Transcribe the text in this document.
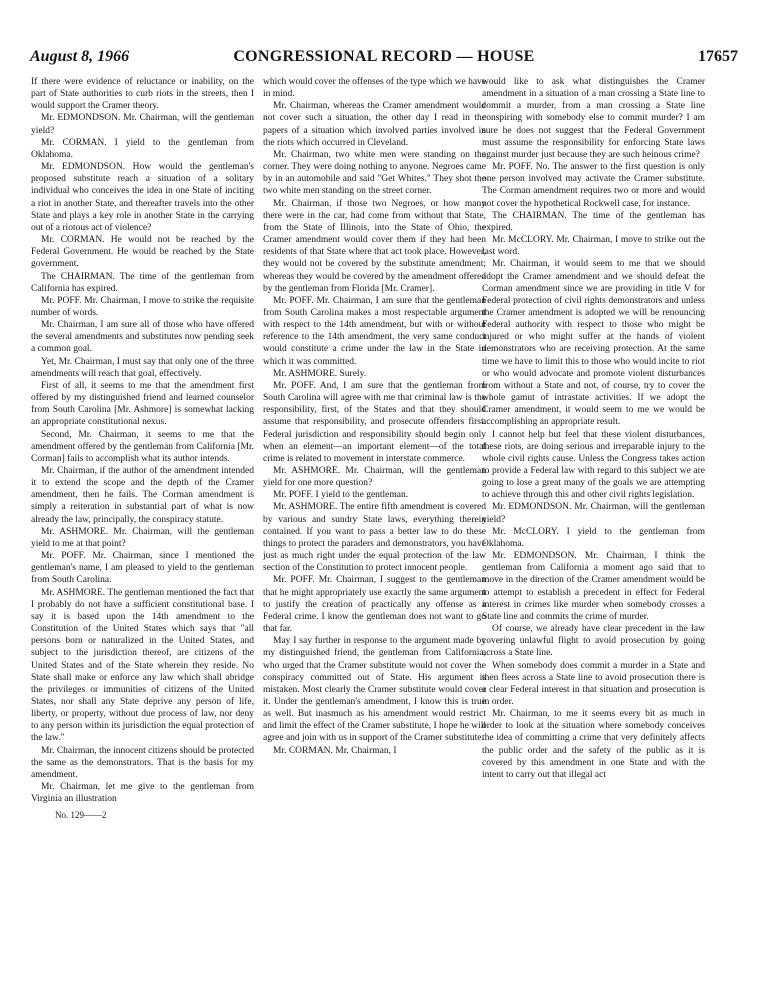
August 8, 1966	CONGRESSIONAL RECORD — HOUSE	17657

If there were evidence of reluctance or inability, on the part of State authorities to curb riots in the streets, then I would support the Cramer theory.

Mr. EDMONDSON. Mr. Chairman, will the gentleman yield?

Mr. CORMAN. I yield to the gentleman from Oklahoma.

Mr. EDMONDSON. How would the gentleman's proposed substitute reach a situation of a solitary individual who conceives the idea in one State of inciting a riot in another State, and thereafter travels into the other State and plays a key role in another State in the carrying out of a riotous act of violence?

Mr. CORMAN. He would not be reached by the Federal Government. He would be reached by the State government.

The CHAIRMAN. The time of the gentleman from California has expired.

Mr. POFF. Mr. Chairman, I move to strike the requisite number of words.

Mr. Chairman, I am sure all of those who have offered the several amendments and substitutes now pending seek a common goal.

Yet, Mr. Chairman, I must say that only one of the three amendments will reach that goal, effectively.

First of all, it seems to me that the amendment first offered by my distinguished friend and learned counselor from South Carolina [Mr. Ashmore] is somewhat lacking an appropriate constitutional nexus.

Second, Mr. Chairman, it seems to me that the amendment offered by the gentleman from California [Mr. Corman] fails to accomplish what its author intends.

Mr. Chairman, if the author of the amendment intended it to extend the scope and the depth of the Cramer amendment, then he fails. The Corman amendment is simply a reiteration in substantial part of what is now already the law, principally, the conspiracy statute.

Mr. ASHMORE. Mr. Chairman, will the gentleman yield to me at that point?

Mr. POFF. Mr. Chairman, since I mentioned the gentleman's name, I am pleased to yield to the gentleman from South Carolina.

Mr. ASHMORE. The gentleman mentioned the fact that I probably do not have a sufficient constitutional base. I say it is based upon the 14th amendment to the Constitution of the United States which says that "all persons born or naturalized in the United States, and subject to the jurisdiction thereof, are citizens of the United States and of the State wherein they reside. No State shall make or enforce any law which shall abridge the privileges or immunities of citizens of the United States, nor shall any State deprive any person of life, liberty, or property, without due process of law, nor deny to any person within its jurisdiction the equal protection of the law."

Mr. Chairman, the innocent citizens should be protected the same as the demonstrators. That is the basis for my amendment.

Mr. Chairman, let me give to the gentleman from Virginia an illustration

No. 129——2

which would cover the offenses of the type which we have in mind.

Mr. Chairman, whereas the Cramer amendment would not cover such a situation, the other day I read in the papers of a situation which involved parties involved in the riots which occurred in Cleveland.

Mr. Chairman, two white men were standing on the corner. They were doing nothing to anyone. Negroes came by in an automobile and said "Get Whites." They shot the two white men standing on the street corner.

Mr. Chairman, if those two Negroes, or how many there were in the car, had come from without that State, from the State of Illinois, into the State of Ohio, the Cramer amendment would cover them if they had been residents of that State where that act took place. However, they would not be covered by the substitute amendment; whereas they would be covered by the amendment offered by the gentleman from Florida [Mr. Cramer].

Mr. POFF. Mr. Chairman, I am sure that the gentleman from South Carolina makes a most respectable argument with respect to the 14th amendment, but with or without reference to the 14th amendment, the very same conduct would constitute a crime under the law in the State in which it was committed.

Mr. ASHMORE. Surely.

Mr. POFF. And, I am sure that the gentleman from South Carolina will agree with me that criminal law is the responsibility, first, of the States and that they should assume that responsibility, and prosecute offenders first. Federal jurisdiction and responsibility should begin only when an element—an important element—of the total crime is related to movement in interstate commerce.

Mr. ASHMORE. Mr. Chairman, will the gentleman yield for one more question?

Mr. POFF. I yield to the gentleman.

Mr. ASHMORE. The entire fifth amendment is covered by various and sundry State laws, everything therein contained. If you want to pass a better law to do these things to protect the paraders and demonstrators, you have just as much right under the equal protection of the law section of the Constitution to protect innocent people.

Mr. POFF. Mr. Chairman, I suggest to the gentleman that he might appropriately use exactly the same argument to justify the creation of practically any offense as a Federal crime. I know the gentleman does not want to go that far.

May I say further in response to the argument made by my distinguished friend, the gentleman from California, who urged that the Cramer substitute would not cover the conspiracy committed out of State. His argument is mistaken. Most clearly the Cramer substitute would cover it. Under the gentleman's amendment, I know this is true as well. But inasmuch as his amendment would restrict and limit the effect of the Cramer substitute, I hope he will agree and join with us in support of the Cramer substitute.

Mr. CORMAN. Mr. Chairman, I

would like to ask what distinguishes the Cramer amendment in a situation of a man crossing a State line to commit a murder, from a man crossing a State line conspiring with somebody else to commit murder? I am sure he does not suggest that the Federal Government must assume the responsibility for enforcing State laws against murder just because they are such heinous crime?

Mr. POFF. No. The answer to the first question is only one person involved may activate the Cramer substitute. The Corman amendment requires two or more and would not cover the hypothetical Rockwell case, for instance.

The CHAIRMAN. The time of the gentleman has expired.

Mr. McCLORY. Mr. Chairman, I move to strike out the last word.

Mr. Chairman, it would seem to me that we should adopt the Cramer amendment and we should defeat the Corman amendment since we are providing in title V for Federal protection of civil rights demonstrators and unless the Cramer amendment is adopted we will be renouncing Federal authority with respect to those who might be injured or who might suffer at the hands of violent demonstrators who are receiving protection. At the same time we have to limit this to those who would incite to riot or who would advocate and promote violent disturbances from without a State and not, of course, try to cover the whole gamut of intrastate activities. If we adopt the Cramer amendment, it would seem to me we would be accomplishing an appropriate result.

I cannot help but feel that these violent disturbances, these riots, are doing serious and irreparable injury to the whole civil rights cause. Unless the Congress takes action to provide a Federal law with regard to this subject we are going to lose a great many of the goals we are attempting to achieve through this and other civil rights legislation.

Mr. EDMONDSON. Mr. Chairman, will the gentleman yield?

Mr. McCLORY. I yield to the gentleman from Oklahoma.

Mr. EDMONDSON. Mr. Chairman, I think the gentleman from California a moment ago said that to move in the direction of the Cramer amendment would be to attempt to establish a precedent in effect for Federal interest in crimes like murder when somebody crosses a State line and commits the crime of murder.

Of course, we already have clear precedent in the law covering unlawful flight to avoid prosecution by going across a State line.

When somebody does commit a murder in a State and then flees across a State line to avoid prosecution there is a clear Federal interest in that situation and prosecution is in order.

Mr. Chairman, to me it seems every bit as much in order to look at the situation where somebody conceives the idea of committing a crime that very definitely affects the public order and the safety of the public as it is covered by this amendment in one State and with the intent to carry out that illegal act
